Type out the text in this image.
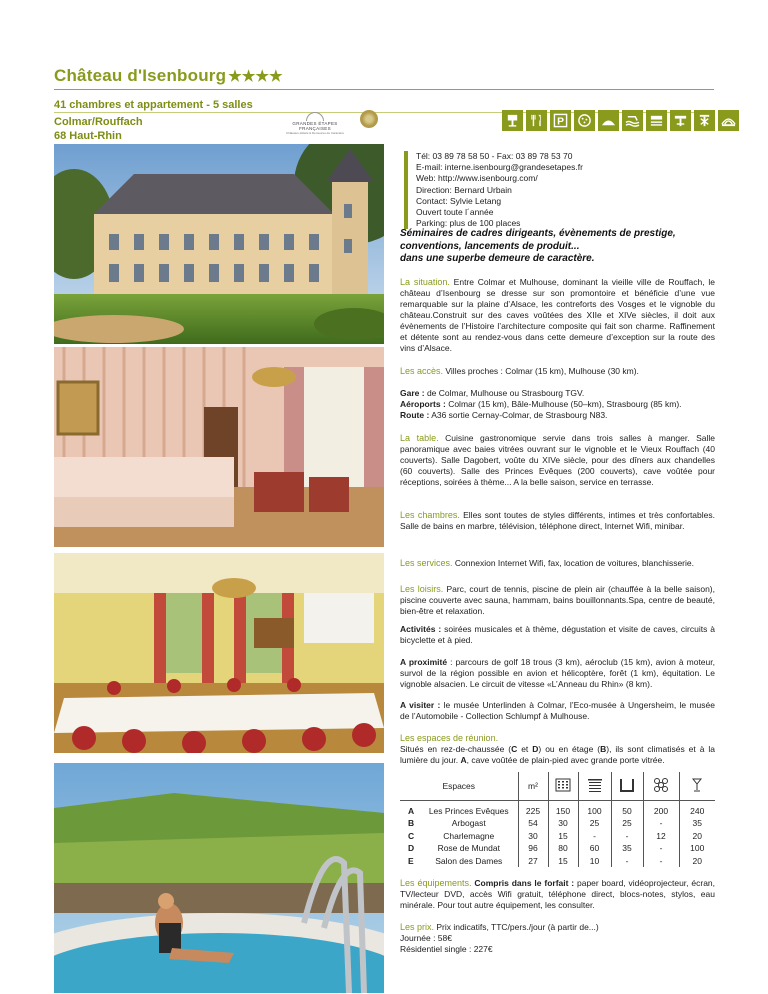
Château d'Isenbourg ★★★★
41 chambres et appartement - 5 salles
Colmar/Rouffach
68 Haut-Rhin
GRANDES ÉTAPES FRANÇAISES
Châteaux-Hôtels & Demeures de Caractère
P
Tél: 03 89 78 58 50 - Fax: 03 89 78 53 70
E-mail: interne.isenbourg@grandesetapes.fr
Web: http://www.isenbourg.com/
Direction: Bernard Urbain
Contact: Sylvie Letang
Ouvert toute l´année
Parking: plus de 100 places
Séminaires de cadres dirigeants, évènements de prestige,
conventions, lancements de produit...
dans une superbe demeure de caractère.
La situation. Entre Colmar et Mulhouse, dominant la vieille ville de Rouffach, le château d’Isenbourg se dresse sur son promontoire et bénéficie d’une vue remarquable sur la plaine d’Alsace, les contreforts des Vosges et le vignoble du château.Construit sur des caves voûtées des XIIe et XIVe siècles, il doit aux évènements de l’Histoire l’architecture composite qui fait son charme. Raffinement et détente sont au rendez-vous dans cette demeure d’exception sur la route des vins d’Alsace.
Les accès. Villes proches : Colmar (15 km), Mulhouse (30 km).
Gare : de Colmar, Mulhouse ou Strasbourg TGV.
Aéroports : Colmar (15 km), Bâle-Mulhouse (50–km), Strasbourg (85 km).
Route : A36 sortie Cernay-Colmar, de Strasbourg N83.
La table. Cuisine gastronomique servie dans trois salles à manger. Salle panoramique avec baies vitrées ouvrant sur le vignoble et le Vieux Rouffach (40 couverts). Salle Dagobert, voûte du XIVe siècle, pour des dîners aux chandelles (60 couverts). Salle des Princes Evêques (200 couverts), cave voûtée pour réceptions, soirées à thème... A la belle saison, service en terrasse.
Les chambres. Elles sont toutes de styles différents, intimes et très confortables. Salle de bains en marbre, télévision, téléphone direct, Internet Wifi, minibar.
Les services. Connexion Internet Wifi, fax, location de voitures, blanchisserie.
Les loisirs. Parc, court de tennis, piscine de plein air (chauffée à la belle saison), piscine couverte avec sauna, hammam, bains bouillonnants.Spa, centre de beauté, bien-être et relaxation.
Activités : soirées musicales et à thème, dégustation et visite de caves, circuits à bicyclette et à pied.
A proximité : parcours de golf 18 trous (3 km), aéroclub (15 km), avion à moteur, survol de la région possible en avion et hélicoptère, forêt (1 km), équitation. Le vignoble alsacien. Le circuit de vitesse «L’Anneau du Rhin» (8 km).
A visiter : le musée Unterlinden à Colmar, l’Eco-musée à Ungersheim, le musée de l’Automobile - Collection Schlumpf à Mulhouse.
Les espaces de réunion.
Situés en rez-de-chaussée (C et D) ou en étage (B), ils sont climatisés et à la lumière du jour. A, cave voûtée de plain-pied avec grande porte vitrée.
Espaces		m²					
A	Les Princes Evêques	225	150	100	50	200	240
B	Arbogast	54	30	25	25	-	35
C	Charlemagne	30	15	-	-	12	20
D	Rose de Mundat	96	80	60	35	-	100
E	Salon des Dames	27	15	10	-	-	20
Les équipements. Compris dans le forfait : paper board, vidéoprojecteur, écran, TV/lecteur DVD, accès Wifi gratuit, téléphone direct, blocs-notes, stylos, eau minérale. Pour tout autre équipement, les consulter.
Les prix. Prix indicatifs, TTC/pers./jour (à partir de...)
Journée : 58€
Résidentiel single : 227€
